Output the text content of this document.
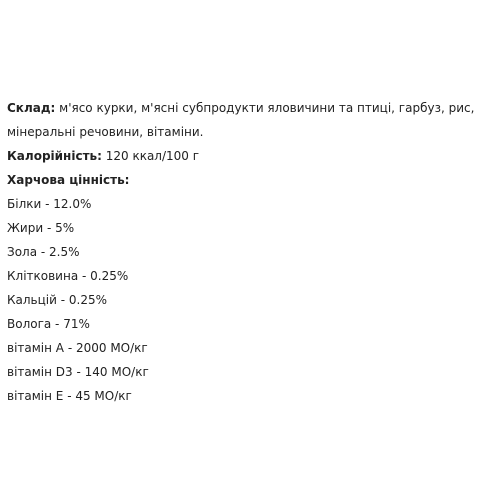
Склад: м'ясо курки, м'ясні субпродукти яловичини та птиці, гарбуз, рис, мінеральні речовини, вітаміни.
Калорійність: 120 ккал/100 г
Харчова цінність:
Білки - 12.0%
Жири - 5%
Зола - 2.5%
Клітковина - 0.25%
Кальцій - 0.25%
Волога - 71%
вітамін А - 2000 МО/кг
вітамін D3 - 140 МО/кг
вітамін Е - 45 МО/кг
